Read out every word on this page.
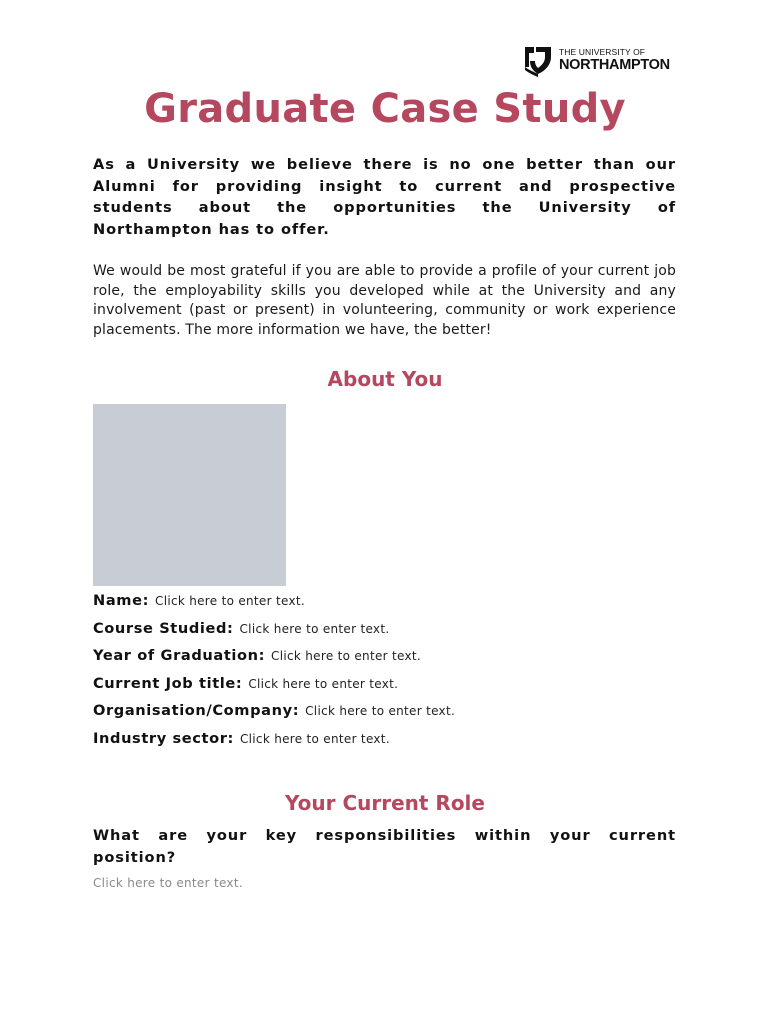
THE UNIVERSITY OF
NORTHAMPTON
Graduate Case Study

As a University we believe there is no one better than our Alumni for providing insight to current and prospective students about the opportunities the University of Northampton has to offer.

We would be most grateful if you are able to provide a profile of your current job role, the employability skills you developed while at the University and any involvement (past or present) in volunteering, community or work experience placements. The more information we have, the better!

About You
Name: Click here to enter text.
Course Studied: Click here to enter text.
Year of Graduation: Click here to enter text.
Current Job title: Click here to enter text.
Organisation/Company: Click here to enter text.
Industry sector: Click here to enter text.
Your Current Role

What are your key responsibilities within your current position?

Click here to enter text.
